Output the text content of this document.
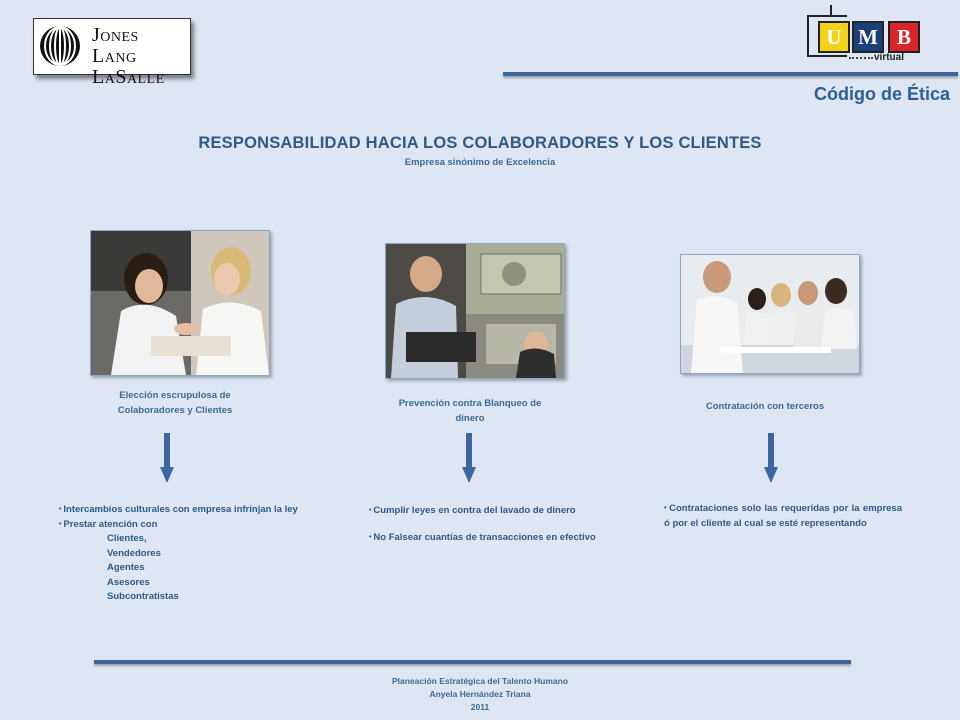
Jones Lang
LaSalle
U M B
virtual
Código de Ética
RESPONSABILIDAD HACIA LOS COLABORADORES Y LOS CLIENTES
Empresa sinónimo de Excelencia
Elección escrupulosa de
Colaboradores y Clientes
Prevención contra Blanqueo de
dinero
Contratación con terceros
• Intercambios culturales con empresa infrinjan la ley
• Prestar atención con
Clientes,
Vendedores
Agentes
Asesores
Subcontratistas
• Cumplir leyes en contra del lavado de dinero
• No Falsear cuantías de transacciones en efectivo
• Contrataciones solo las requeridas por la empresa ó por el cliente al cual se esté representando
Planeación Estratégica del Talento Humano
Anyela Hernández Triana
2011
